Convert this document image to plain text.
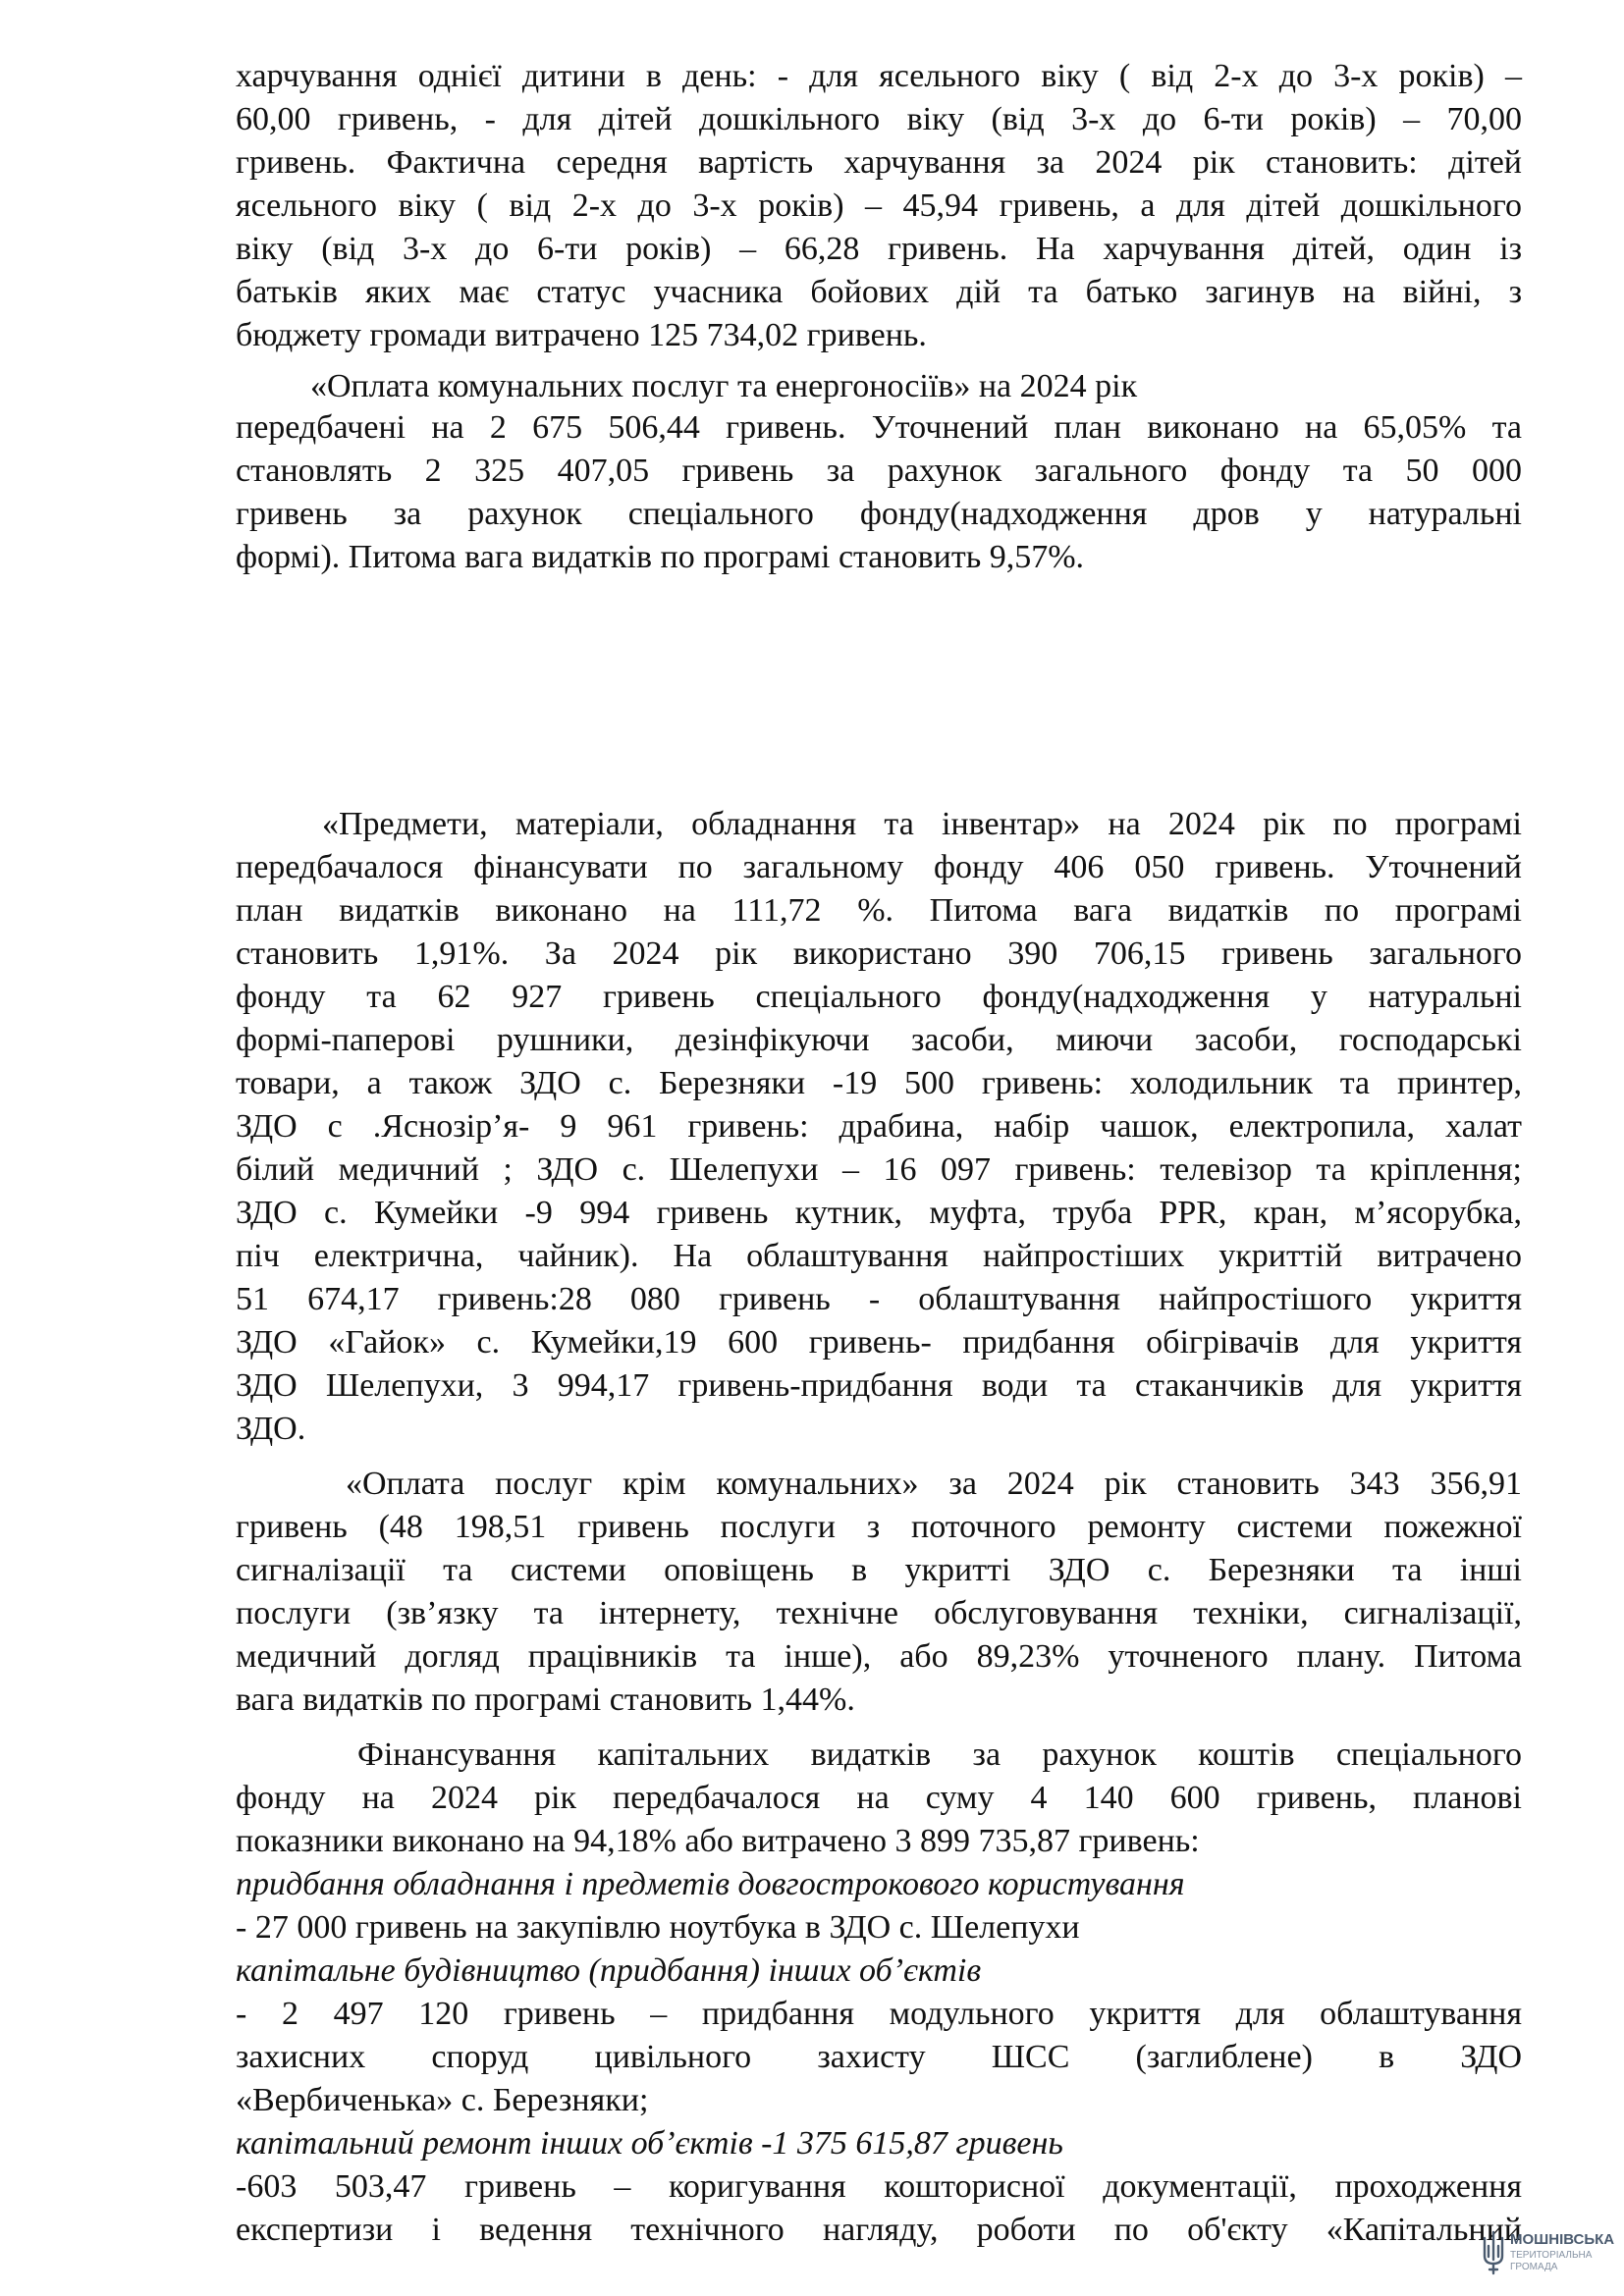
харчування однієї дитини в день: - для ясельного віку ( від 2-х до 3-х років) –
60,00 гривень, - для дітей дошкільного віку (від 3-х до 6-ти років) – 70,00
гривень. Фактична середня вартість харчування за 2024 рік становить: дітей
ясельного віку ( від 2-х до 3-х років) – 45,94 гривень, а для дітей дошкільного
віку (від 3-х до 6-ти років) – 66,28 гривень. На харчування дітей, один із
батьків яких має статус учасника бойових дій та батько загинув на війні, з
бюджету громади витрачено 125 734,02 гривень.
«Оплата комунальних послуг та енергоносіїв» на 2024 рік
передбачені на 2 675 506,44 гривень. Уточнений план виконано на 65,05% та
становлять 2 325 407,05 гривень за рахунок загального фонду та 50 000
гривень за рахунок спеціального фонду(надходження дров у натуральні
формі). Питома вага видатків по програмі становить 9,57%.
«Предмети, матеріали, обладнання та інвентар» на 2024 рік по програмі
передбачалося фінансувати по загальному фонду 406 050 гривень. Уточнений
план видатків виконано на 111,72 %. Питома вага видатків по програмі
становить 1,91%. За 2024 рік використано 390 706,15 гривень загального
фонду та 62 927 гривень спеціального фонду(надходження у натуральні
формі-паперові рушники, дезінфікуючи засоби, миючи засоби, господарські
товари, а також ЗДО с. Березняки -19 500 гривень: холодильник та принтер,
ЗДО с .Яснозір’я- 9 961 гривень: драбина, набір чашок, електропила, халат
білий медичний ; ЗДО с. Шелепухи – 16 097 гривень: телевізор та кріплення;
ЗДО с. Кумейки -9 994 гривень кутник, муфта, труба PPR, кран, м’ясорубка,
піч електрична, чайник). На облаштування найпростіших укриттій витрачено
51 674,17 гривень:28 080 гривень - облаштування найпростішого укриття
ЗДО «Гайок» с. Кумейки,19 600 гривень- придбання обігрівачів для укриття
ЗДО Шелепухи, 3 994,17 гривень-придбання води та стаканчиків для укриття
ЗДО.
«Оплата послуг крім комунальних» за 2024 рік становить 343 356,91
гривень (48 198,51 гривень послуги з поточного ремонту системи пожежної
сигналізації та системи оповіщень в укритті ЗДО с. Березняки та інші
послуги (зв’язку та інтернету, технічне обслуговування техніки, сигналізації,
медичний догляд працівників та інше), або 89,23% уточненого плану. Питома
вага видатків по програмі становить 1,44%.
Фінансування капітальних видатків за рахунок коштів спеціального
фонду на 2024 рік передбачалося на суму 4 140 600 гривень, планові
показники виконано на 94,18% або витрачено 3 899 735,87 гривень:
придбання обладнання і предметів довгострокового користування
- 27 000 гривень на закупівлю ноутбука в ЗДО с. Шелепухи
капітальне будівництво (придбання) інших об’єктів
- 2 497 120 гривень – придбання модульного укриття для облаштування
захисних споруд цивільного захисту ШСС (заглиблене) в ЗДО
«Вербиченька» с. Березняки;
капітальний ремонт інших об’єктів -1 375 615,87 гривень
-603 503,47 гривень – коригування кошторисної документації, проходження
експертизи і ведення технічного нагляду, роботи по об'єкту «Капітальний
МОШНІВСЬКА
ТЕРИТОРІАЛЬНА
ГРОМАДА
